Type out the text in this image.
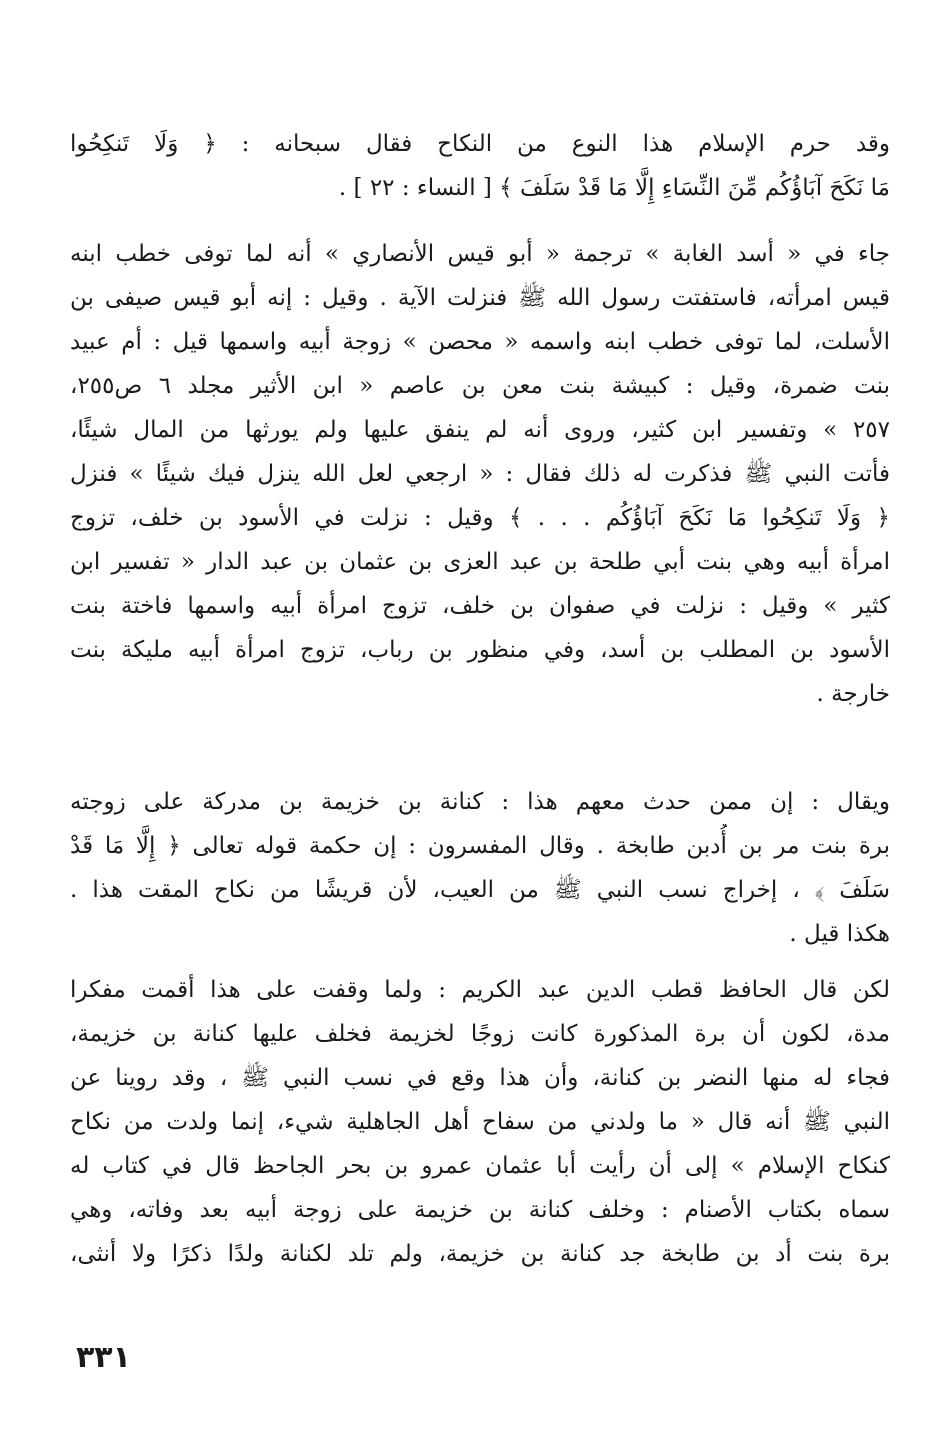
وقد حرم الإسلام هذا النوع من النكاح فقال سبحانه : ﴿ وَلَا تَنكِحُوا
مَا نَكَحَ آبَاؤُكُم مِّنَ النِّسَاءِ إِلَّا مَا قَدْ سَلَفَ ﴾ [ النساء : ٢٢ ] .
جاء في « أسد الغابة » ترجمة « أبو قيس الأنصاري » أنه لما توفى خطب ابنه
قيس امرأته، فاستفتت رسول الله ﷺ فنزلت الآية . وقيل : إنه أبو قيس صيفى بن
الأسلت، لما توفى خطب ابنه واسمه « محصن » زوجة أبيه واسمها قيل : أم عبيد
بنت ضمرة، وقيل : كبيشة بنت معن بن عاصم « ابن الأثير مجلد ٦ ص٢٥٥،
٢٥٧ » وتفسير ابن كثير، وروى أنه لم ينفق عليها ولم يورثها من المال شيئًا،
فأتت النبي ﷺ فذكرت له ذلك فقال : « ارجعي لعل الله ينزل فيك شيئًا » فنزل
﴿ وَلَا تَنكِحُوا مَا نَكَحَ آبَاؤُكُم . . . ﴾ وقيل : نزلت في الأسود بن خلف، تزوج
امرأة أبيه وهي بنت أبي طلحة بن عبد العزى بن عثمان بن عبد الدار « تفسير ابن
كثير » وقيل : نزلت في صفوان بن خلف، تزوج امرأة أبيه واسمها فاختة بنت
الأسود بن المطلب بن أسد، وفي منظور بن رباب، تزوج امرأة أبيه مليكة بنت
خارجة .
ويقال : إن ممن حدث معهم هذا : كنانة بن خزيمة بن مدركة على زوجته
برة بنت مر بن أُدبن طابخة . وقال المفسرون : إن حكمة قوله تعالى ﴿ إِلَّا مَا قَدْ
سَلَفَ ﴾ ، إخراج نسب النبي ﷺ من العيب، لأن قريشًا من نكاح المقت هذا .
هكذا قيل .
لكن قال الحافظ قطب الدين عبد الكريم : ولما وقفت على هذا أقمت مفكرا
مدة، لكون أن برة المذكورة كانت زوجًا لخزيمة فخلف عليها كنانة بن خزيمة،
فجاء له منها النضر بن كنانة، وأن هذا وقع في نسب النبي ﷺ ، وقد روينا عن
النبي ﷺ أنه قال « ما ولدني من سفاح أهل الجاهلية شيء، إنما ولدت من نكاح
كنكاح الإسلام » إلى أن رأيت أبا عثمان عمرو بن بحر الجاحظ قال في كتاب له
سماه بكتاب الأصنام : وخلف كنانة بن خزيمة على زوجة أبيه بعد وفاته، وهي
برة بنت أد بن طابخة جد كنانة بن خزيمة، ولم تلد لكنانة ولدًا ذكرًا ولا أنثى،
٣٣١
